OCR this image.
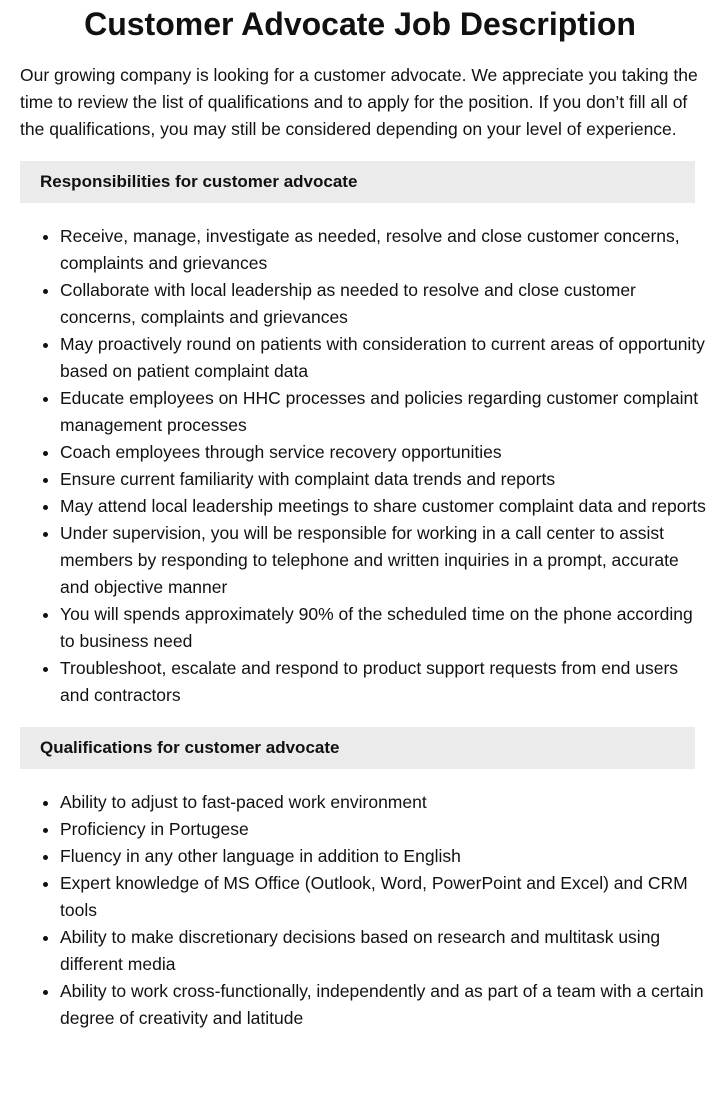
Customer Advocate Job Description

Our growing company is looking for a customer advocate. We appreciate you taking the time to review the list of qualifications and to apply for the position. If you don’t fill all of the qualifications, you may still be considered depending on your level of experience.

Responsibilities for customer advocate
• Receive, manage, investigate as needed, resolve and close customer concerns, complaints and grievances
• Collaborate with local leadership as needed to resolve and close customer concerns, complaints and grievances
• May proactively round on patients with consideration to current areas of opportunity based on patient complaint data
• Educate employees on HHC processes and policies regarding customer complaint management processes
• Coach employees through service recovery opportunities
• Ensure current familiarity with complaint data trends and reports
• May attend local leadership meetings to share customer complaint data and reports
• Under supervision, you will be responsible for working in a call center to assist members by responding to telephone and written inquiries in a prompt, accurate and objective manner
• You will spends approximately 90% of the scheduled time on the phone according to business need
• Troubleshoot, escalate and respond to product support requests from end users and contractors
Qualifications for customer advocate
• Ability to adjust to fast-paced work environment
• Proficiency in Portugese
• Fluency in any other language in addition to English
• Expert knowledge of MS Office (Outlook, Word, PowerPoint and Excel) and CRM tools
• Ability to make discretionary decisions based on research and multitask using different media
• Ability to work cross-functionally, independently and as part of a team with a certain degree of creativity and latitude
